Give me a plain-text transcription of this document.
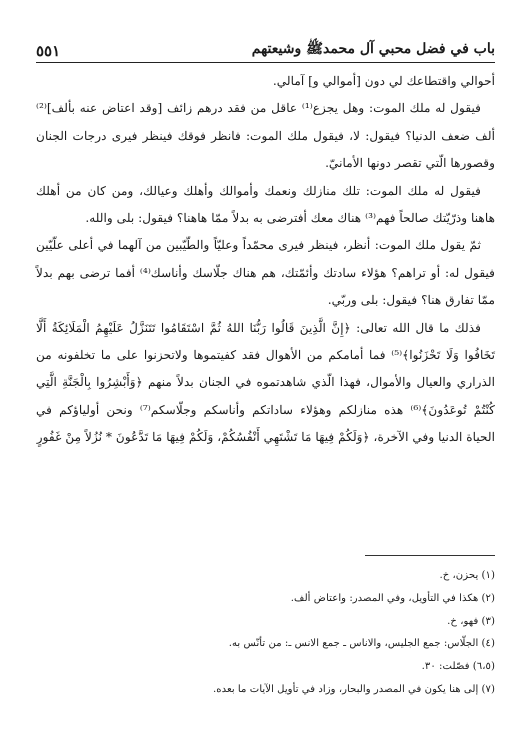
باب في فضل محبي آل محمدﷺ وشيعتهم
٥٥١

أحوالي واقتطاعك لي دون [أموالي و] آمالي.

فيقول له ملك الموت: وهل يجزع⁽¹⁾ عاقل من فقد درهم زائف [وقد اعتاض عنه بألف]⁽²⁾ ألف ضعف الدنيا؟ فيقول: لا، فيقول ملك الموت: فانظر فوقك فينظر فيرى درجات الجنان وقصورها الّتي تقصر دونها الأمانيّ.

فيقول له ملك الموت: تلك منازلك ونعمك وأموالك وأهلك وعيالك، ومن كان من أهلك هاهنا وذرّيّتك صالحاً فهم⁽³⁾ هناك معك أفترضى به بدلاً ممّا هاهنا؟ فيقول: بلى والله.

ثمّ يقول ملك الموت: أنظر، فينظر فيرى محمّداً وعليّاً والطّيّبين من آلهما في أعلى علّيّين فيقول له: أو تراهم؟ هؤلاء سادتك وأئمّتك، هم هناك جلّاسك وأناسك⁽⁴⁾ أفما ترضى بهم بدلاً ممّا تفارق هنا؟ فيقول: بلى وربّي.

فذلك ما قال الله تعالى: ﴿إِنَّ الَّذِينَ قَالُوا رَبُّنَا اللهُ ثُمَّ اسْتَقَامُوا تَتَنَزَّلُ عَلَيْهِمُ الْمَلَائِكَةُ أَلَّا تَخَافُوا وَلَا تَحْزَنُوا﴾⁽⁵⁾ فما أمامكم من الأهوال فقد كفيتموها ولاتحزنوا على ما تخلفونه من الذراري والعيال والأموال، فهذا الّذي شاهدتموه في الجنان بدلاً منهم ﴿وَأَبْشِرُوا بِالْجَنَّةِ الَّتِي كُنْتُمْ تُوعَدُونَ﴾⁽⁶⁾ هذه منازلكم وهؤلاء ساداتكم وأناسكم وجلّاسكم⁽⁷⁾ ونحن أولياؤكم في الحياة الدنيا وفي الآخرة، ﴿وَلَكُمْ فِيهَا مَا تَشْتَهِي أَنْفُسُكُمْ، وَلَكُمْ فِيهَا مَا تَدَّعُونَ * نُزُلاً مِنْ غَفُورٍ

(١) يحزن، خ.

(٢) هكذا في التأويل، وفي المصدر: واعتاض ألف.

(٣) فهو، خ.

(٤) الجلّاس: جمع الجليس، والاناس ـ جمع الانس ـ: من تأنّس به.

(٦،٥) فصّلت: ٣٠.

(٧) إلى هنا يكون في المصدر والبحار، وزاد في تأويل الآيات ما بعده.
